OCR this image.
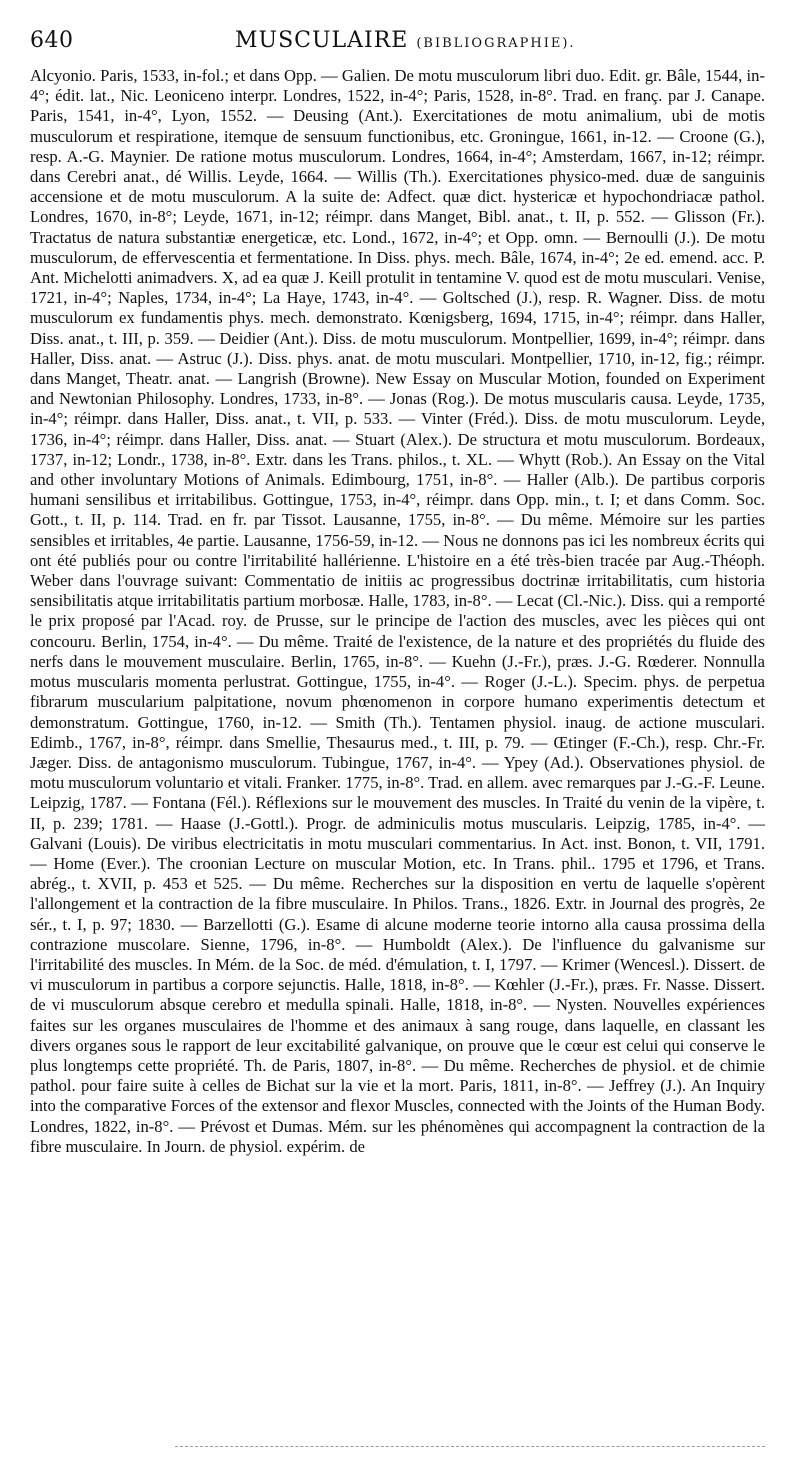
640	MUSCULAIRE (BIBLIOGRAPHIE).

Alcyonio. Paris, 1533, in-fol.; et dans Opp. — Galien. De motu musculorum libri duo. Edit. gr. Bâle, 1544, in-4°; édit. lat., Nic. Leoniceno interpr. Londres, 1522, in-4°; Paris, 1528, in-8°. Trad. en franç. par J. Canape. Paris, 1541, in-4°, Lyon, 1552. — Deusing (Ant.). Exercitationes de motu animalium, ubi de motis musculorum et respiratione, itemque de sensuum functionibus, etc. Groningue, 1661, in-12. — Croone (G.), resp. A.-G. Maynier. De ratione motus musculorum. Londres, 1664, in-4°; Amsterdam, 1667, in-12; réimpr. dans Cerebri anat., dé Willis. Leyde, 1664. — Willis (Th.). Exercitationes physico-med. duæ de sanguinis accensione et de motu musculorum. A la suite de: Adfect. quæ dict. hystericæ et hypochondriacæ pathol. Londres, 1670, in-8°; Leyde, 1671, in-12; réimpr. dans Manget, Bibl. anat., t. II, p. 552. — Glisson (Fr.). Tractatus de natura substantiæ energeticæ, etc. Lond., 1672, in-4°; et Opp. omn. — Bernoulli (J.). De motu musculorum, de effervescentia et fermentatione. In Diss. phys. mech. Bâle, 1674, in-4°; 2e ed. emend. acc. P. Ant. Michelotti animadvers. X, ad ea quæ J. Keill protulit in tentamine V. quod est de motu musculari. Venise, 1721, in-4°; Naples, 1734, in-4°; La Haye, 1743, in-4°. — Goltsched (J.), resp. R. Wagner. Diss. de motu musculorum ex fundamentis phys. mech. demonstrato. Kœnigsberg, 1694, 1715, in-4°; réimpr. dans Haller, Diss. anat., t. III, p. 359. — Deidier (Ant.). Diss. de motu musculorum. Montpellier, 1699, in-4°; réimpr. dans Haller, Diss. anat. — Astruc (J.). Diss. phys. anat. de motu musculari. Montpellier, 1710, in-12, fig.; réimpr. dans Manget, Theatr. anat. — Langrish (Browne). New Essay on Muscular Motion, founded on Experiment and Newtonian Philosophy. Londres, 1733, in-8°. — Jonas (Rog.). De motus muscularis causa. Leyde, 1735, in-4°; réimpr. dans Haller, Diss. anat., t. VII, p. 533. — Vinter (Fréd.). Diss. de motu musculorum. Leyde, 1736, in-4°; réimpr. dans Haller, Diss. anat. — Stuart (Alex.). De structura et motu musculorum. Bordeaux, 1737, in-12; Londr., 1738, in-8°. Extr. dans les Trans. philos., t. XL. — Whytt (Rob.). An Essay on the Vital and other involuntary Motions of Animals. Edimbourg, 1751, in-8°. — Haller (Alb.). De partibus corporis humani sensilibus et irritabilibus. Gottingue, 1753, in-4°, réimpr. dans Opp. min., t. I; et dans Comm. Soc. Gott., t. II, p. 114. Trad. en fr. par Tissot. Lausanne, 1755, in-8°. — Du même. Mémoire sur les parties sensibles et irritables, 4e partie. Lausanne, 1756-59, in-12. — Nous ne donnons pas ici les nombreux écrits qui ont été publiés pour ou contre l'irritabilité hallérienne. L'histoire en a été très-bien tracée par Aug.-Théoph. Weber dans l'ouvrage suivant: Commentatio de initiis ac progressibus doctrinæ irritabilitatis, cum historia sensibilitatis atque irritabilitatis partium morbosæ. Halle, 1783, in-8°. — Lecat (Cl.-Nic.). Diss. qui a remporté le prix proposé par l'Acad. roy. de Prusse, sur le principe de l'action des muscles, avec les pièces qui ont concouru. Berlin, 1754, in-4°. — Du même. Traité de l'existence, de la nature et des propriétés du fluide des nerfs dans le mouvement musculaire. Berlin, 1765, in-8°. — Kuehn (J.-Fr.), præs. J.-G. Rœderer. Nonnulla motus muscularis momenta perlustrat. Gottingue, 1755, in-4°. — Roger (J.-L.). Specim. phys. de perpetua fibrarum muscularium palpitatione, novum phœnomenon in corpore humano experimentis detectum et demonstratum. Gottingue, 1760, in-12. — Smith (Th.). Tentamen physiol. inaug. de actione musculari. Edimb., 1767, in-8°, réimpr. dans Smellie, Thesaurus med., t. III, p. 79. — Œtinger (F.-Ch.), resp. Chr.-Fr. Jæger. Diss. de antagonismo musculorum. Tubingue, 1767, in-4°. — Ypey (Ad.). Observationes physiol. de motu musculorum voluntario et vitali. Franker. 1775, in-8°. Trad. en allem. avec remarques par J.-G.-F. Leune. Leipzig, 1787. — Fontana (Fél.). Réflexions sur le mouvement des muscles. In Traité du venin de la vipère, t. II, p. 239; 1781. — Haase (J.-Gottl.). Progr. de adminiculis motus muscularis. Leipzig, 1785, in-4°. — Galvani (Louis). De viribus electricitatis in motu musculari commentarius. In Act. inst. Bonon, t. VII, 1791. — Home (Ever.). The croonian Lecture on muscular Motion, etc. In Trans. phil.. 1795 et 1796, et Trans. abrég., t. XVII, p. 453 et 525. — Du même. Recherches sur la disposition en vertu de laquelle s'opèrent l'allongement et la contraction de la fibre musculaire. In Philos. Trans., 1826. Extr. in Journal des progrès, 2e sér., t. I, p. 97; 1830. — Barzellotti (G.). Esame di alcune moderne teorie intorno alla causa prossima della contrazione muscolare. Sienne, 1796, in-8°. — Humboldt (Alex.). De l'influence du galvanisme sur l'irritabilité des muscles. In Mém. de la Soc. de méd. d'émulation, t. I, 1797. — Krimer (Wencesl.). Dissert. de vi musculorum in partibus a corpore sejunctis. Halle, 1818, in-8°. — Kœhler (J.-Fr.), præs. Fr. Nasse. Dissert. de vi musculorum absque cerebro et medulla spinali. Halle, 1818, in-8°. — Nysten. Nouvelles expériences faites sur les organes musculaires de l'homme et des animaux à sang rouge, dans laquelle, en classant les divers organes sous le rapport de leur excitabilité galvanique, on prouve que le cœur est celui qui conserve le plus longtemps cette propriété. Th. de Paris, 1807, in-8°. — Du même. Recherches de physiol. et de chimie pathol. pour faire suite à celles de Bichat sur la vie et la mort. Paris, 1811, in-8°. — Jeffrey (J.). An Inquiry into the comparative Forces of the extensor and flexor Muscles, connected with the Joints of the Human Body. Londres, 1822, in-8°. — Prévost et Dumas. Mém. sur les phénomènes qui accompagnent la contraction de la fibre musculaire. In Journ. de physiol. expérim. de
